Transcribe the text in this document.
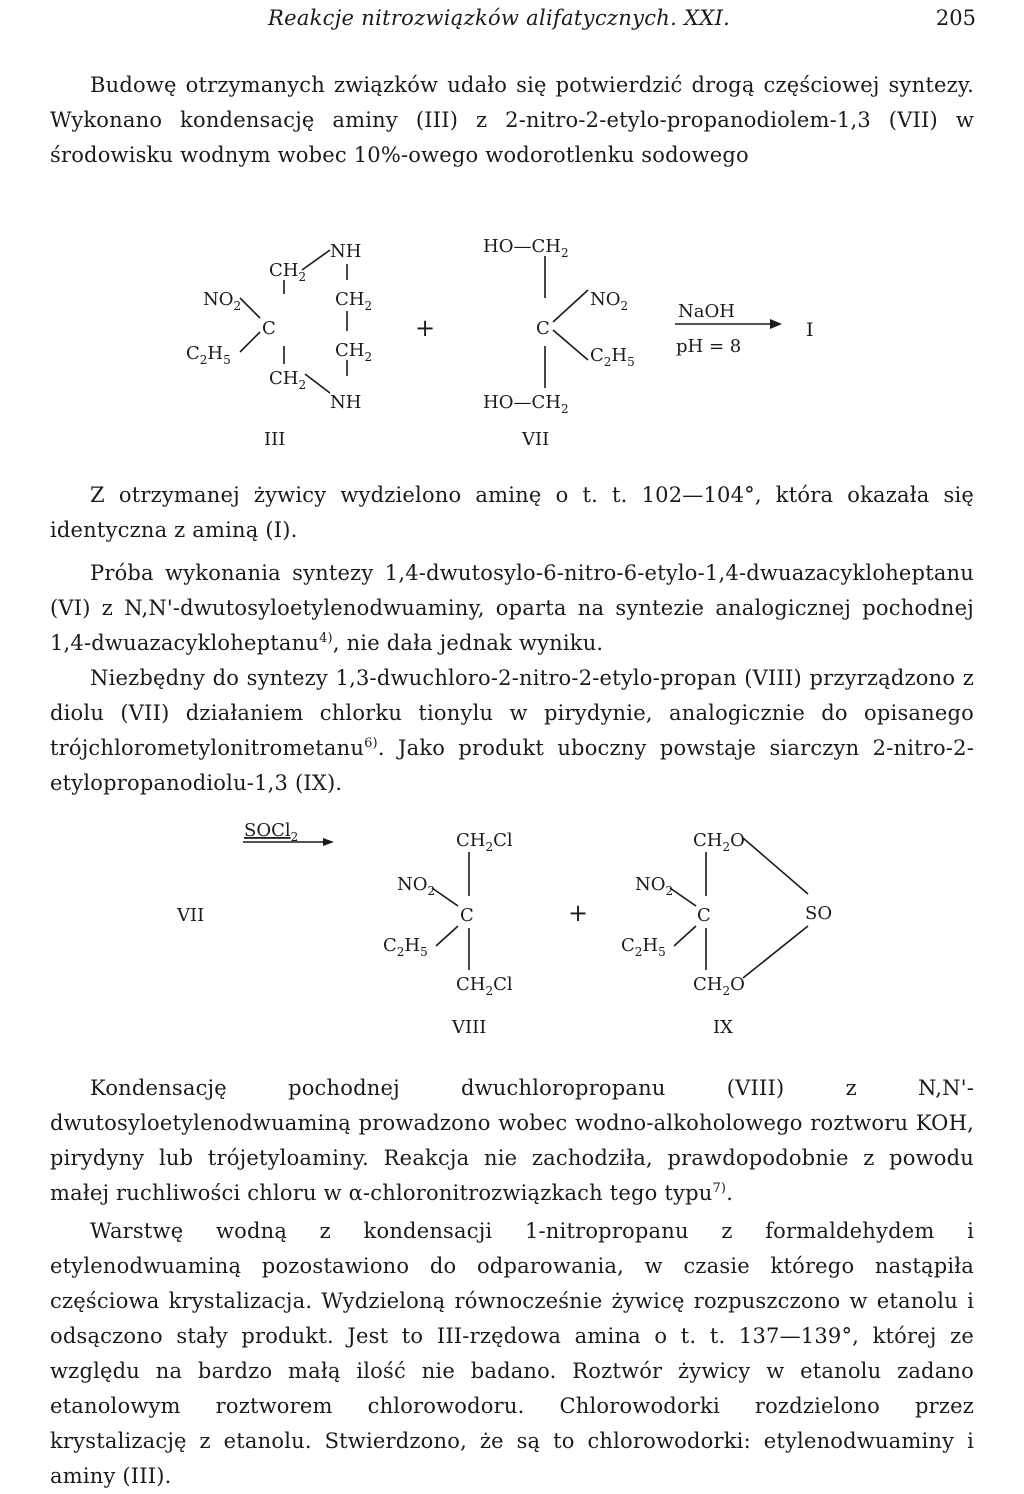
Reakcje nitrozwiązków alifatycznych. XXI.	205

Budowę otrzymanych związków udało się potwierdzić drogą częściowej syntezy. Wykonano kondensację aminy (III) z 2-nitro-2-etylo-propanodiolem-1,3 (VII) w środowisku wodnym wobec 10%-owego wodorotlenku sodowego

NH
$CH_2$
$NO_2$	$CH_2$
C
$C_2H_5$	$CH_2$
$CH_2$
NH
III
+
$HO—CH_2$
$NO_2$
C
$C_2H_5$
$HO—CH_2$
VII
NaOH
pH = 8
I

Z otrzymanej żywicy wydzielono aminę o t. t. 102—104°, która okazała się identyczna z aminą (I).

Próba wykonania syntezy 1,4-dwutosylo-6-nitro-6-etylo-1,4-dwuazacykloheptanu (VI) z N,N'-dwutosyloetylenodwuaminy, oparta na syntezie analogicznej pochodnej 1,4-dwuazacykloheptanu$^{4)}$, nie dała jednak wyniku.

Niezbędny do syntezy 1,3-dwuchloro-2-nitro-2-etylo-propan (VIII) przyrządzono z diolu (VII) działaniem chlorku tionylu w pirydynie, analogicznie do opisanego trójchlorometylonitrometanu$^{6)}$. Jako produkt uboczny powstaje siarczyn 2-nitro-2-etylopropanodiolu-1,3 (IX).

SOCl$_2$
VII
$CH_2Cl$
$NO_2$
C
$C_2H_5$
$CH_2Cl$
VIII
+
$CH_2O$
$NO_2$
C	SO
$C_2H_5$
$CH_2O$
IX

Kondensację pochodnej dwuchloropropanu (VIII) z N,N'-dwutosyloetylenodwuaminą prowadzono wobec wodno-alkoholowego roztworu KOH, pirydyny lub trójetyloaminy. Reakcja nie zachodziła, prawdopodobnie z powodu małej ruchliwości chloru w α-chloronitrozwiązkach tego typu$^{7)}$.

Warstwę wodną z kondensacji 1-nitropropanu z formaldehydem i etylenodwuaminą pozostawiono do odparowania, w czasie którego nastąpiła częściowa krystalizacja. Wydzieloną równocześnie żywicę rozpuszczono w etanolu i odsączono stały produkt. Jest to III-rzędowa amina o t. t. 137—139°, której ze względu na bardzo małą ilość nie badano. Roztwór żywicy w etanolu zadano etanolowym roztworem chlorowodoru. Chlorowodorki rozdzielono przez krystalizację z etanolu. Stwierdzono, że są to chlorowodorki: etylenodwuaminy i aminy (III).
